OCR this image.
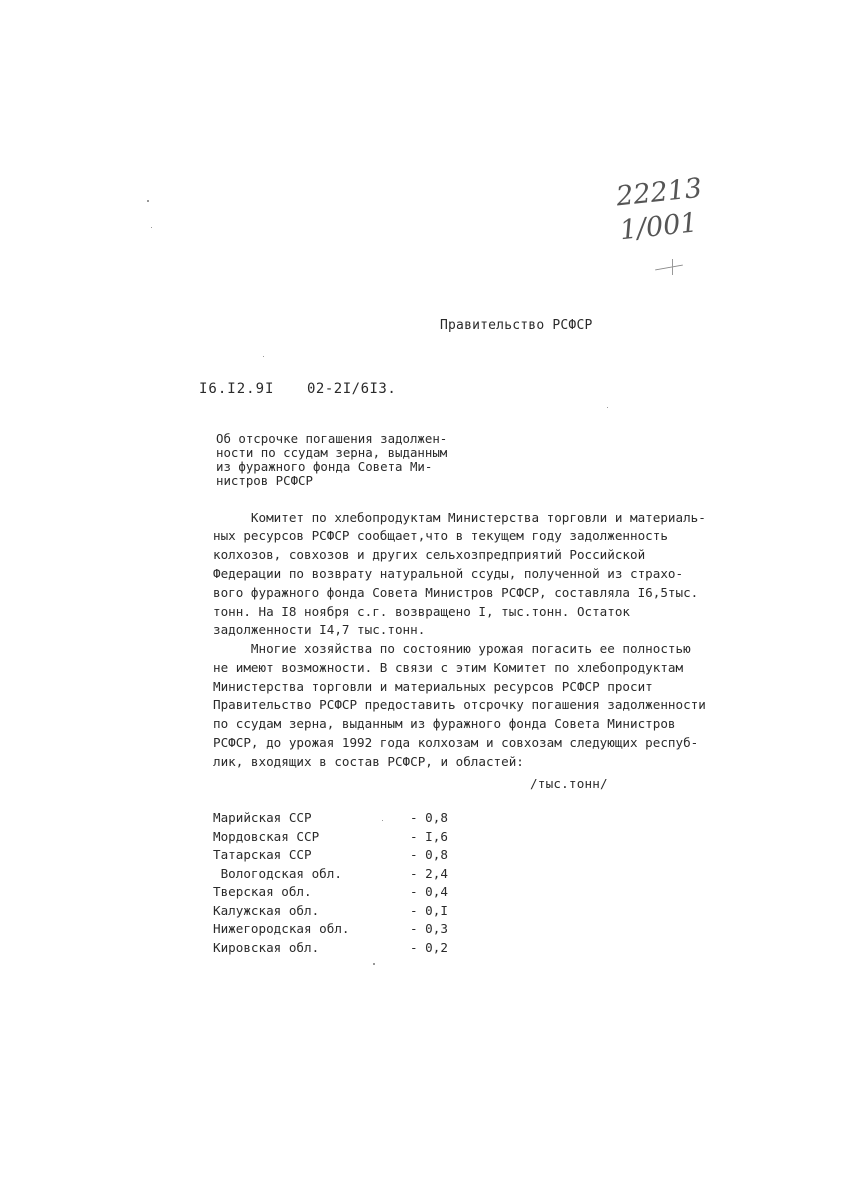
22213
1/001
Правительство РСФСР
I6.I2.9I 02-2I/6I3.
Об отсрочке погашения задолжен-
ности по ссудам зерна, выданным
из фуражного фонда Совета Ми-
нистров РСФСР
Комитет по хлебопродуктам Министерства торговли и материаль-
ных ресурсов РСФСР сообщает,что в текущем году задолженность
колхозов, совхозов и других сельхозпредприятий Российской
Федерации по возврату натуральной ссуды, полученной из страхо-
вого фуражного фонда Совета Министров РСФСР, составляла I6,5тыс.
тонн. На I8 ноября с.г. возвращено I, тыс.тонн. Остаток
задолженности I4,7 тыс.тонн.
Многие хозяйства по состоянию урожая погасить ее полностью
не имеют возможности. В связи с этим Комитет по хлебопродуктам
Министерства торговли и материальных ресурсов РСФСР просит
Правительство РСФСР предоставить отсрочку погашения задолженности
по ссудам зерна, выданным из фуражного фонда Совета Министров
РСФСР, до урожая 1992 года колхозам и совхозам следующих респуб-
лик, входящих в состав РСФСР, и областей:
/тыс.тонн/
Марийская ССР	- 0,8
Мордовская ССР	- I,6
Татарская ССР	- 0,8
Вологодская обл.	- 2,4
Тверская обл.	- 0,4
Калужская обл.	- 0,I
Нижегородская обл.	- 0,3
Кировская обл.	- 0,2
